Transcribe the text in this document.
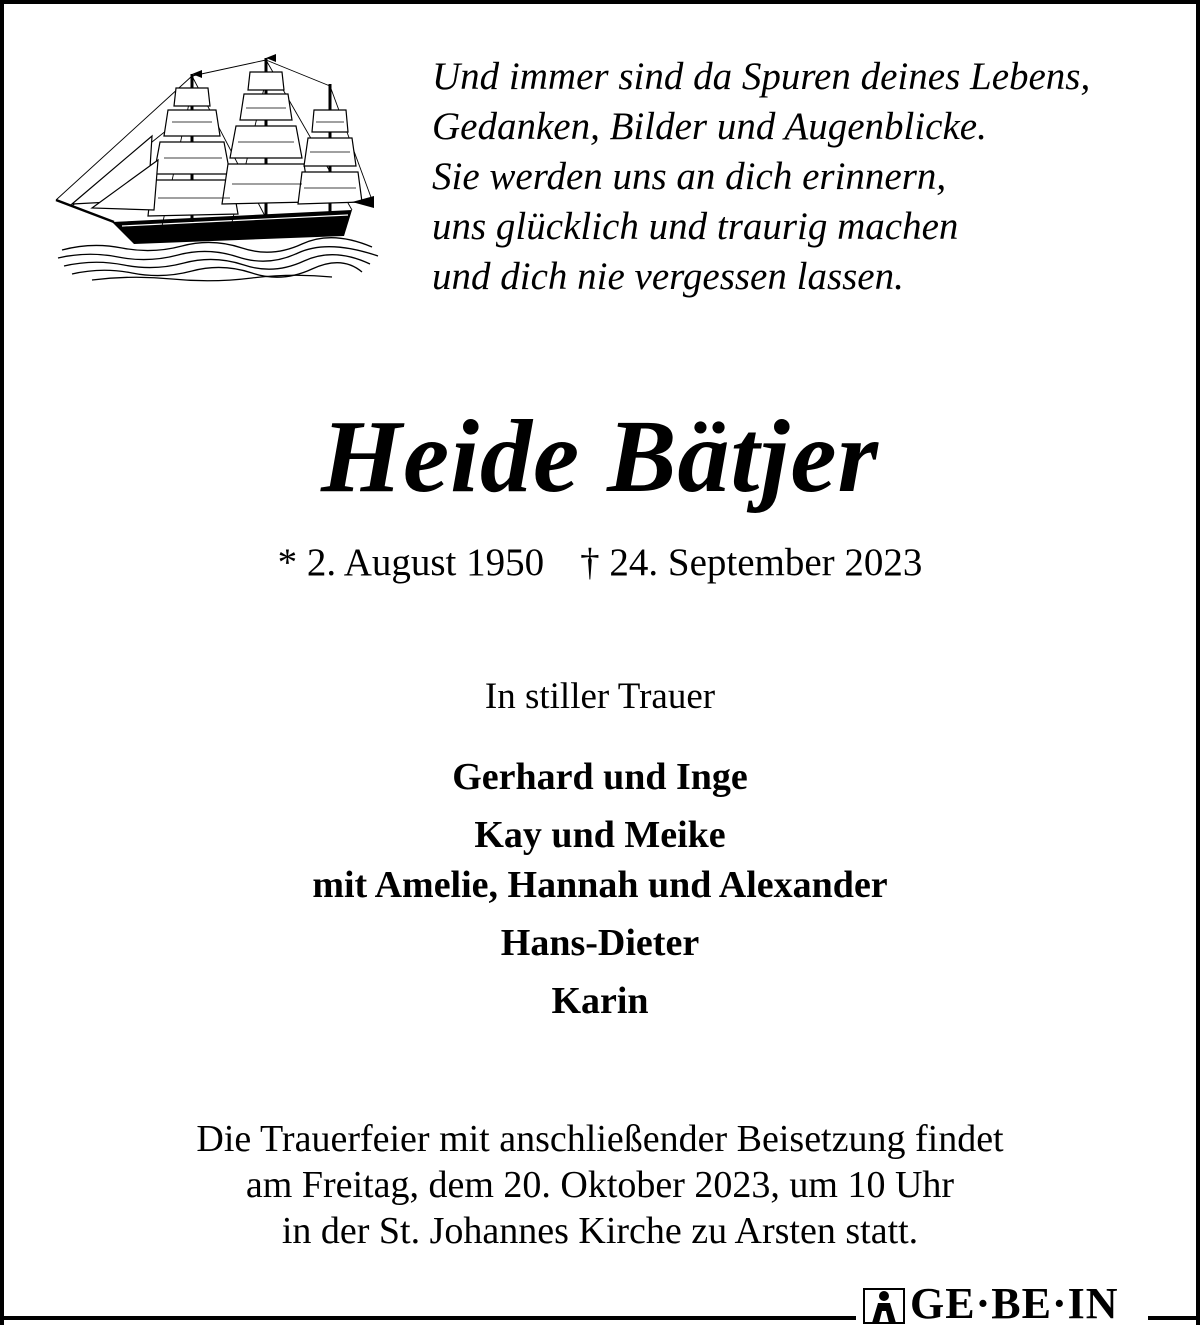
Und immer sind da Spuren deines Lebens,
Gedanken, Bilder und Augenblicke.
Sie werden uns an dich erinnern,
uns glücklich und traurig machen
und dich nie vergessen lassen.
Heide Bätjer
* 2. August 1950 † 24. September 2023
In stiller Trauer
Gerhard und Inge
Kay und Meike
mit Amelie, Hannah und Alexander
Hans-Dieter
Karin
Die Trauerfeier mit anschließender Beisetzung findet
am Freitag, dem 20. Oktober 2023, um 10 Uhr
in der St. Johannes Kirche zu Arsten statt.
GE·BE·IN
